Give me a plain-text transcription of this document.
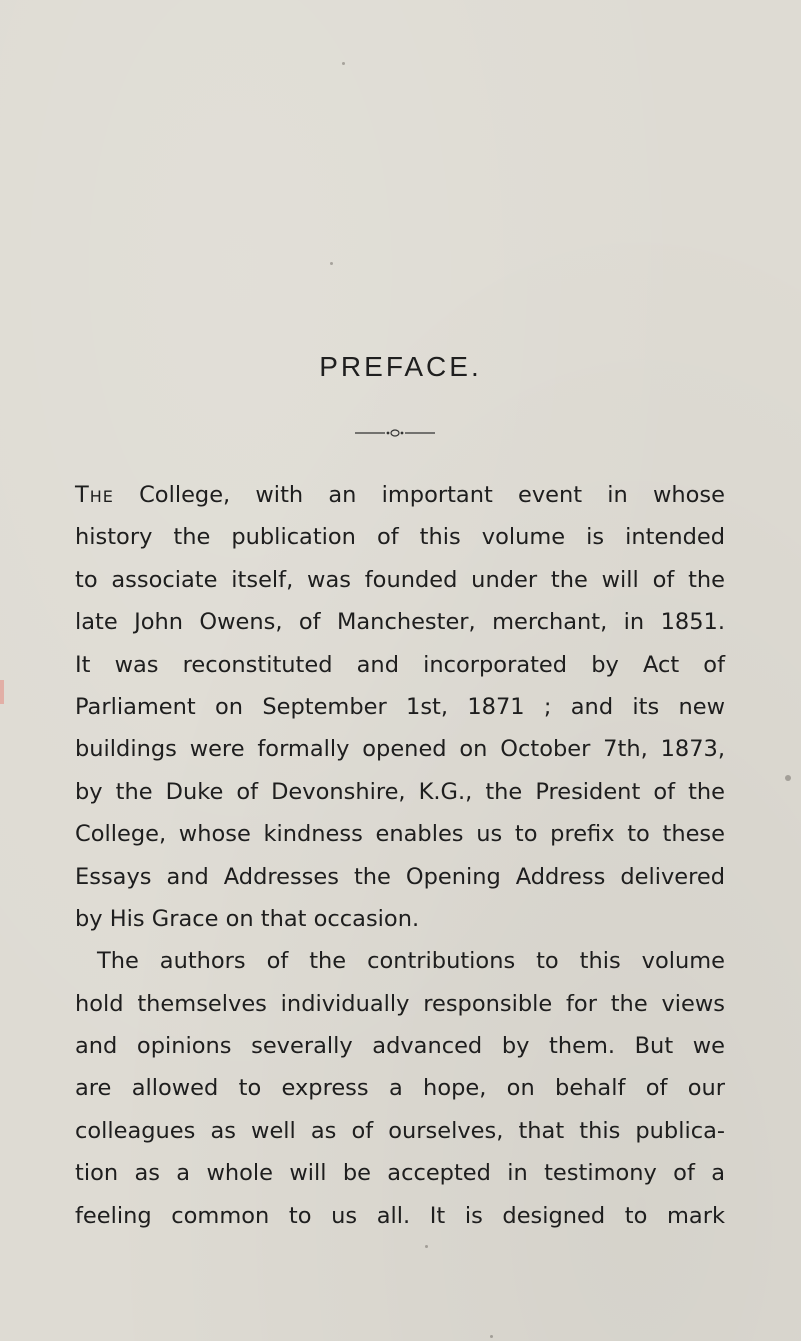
PREFACE.
The College, with an important event in whose
history the publication of this volume is intended
to associate itself, was founded under the will of the
late John Owens, of Manchester, merchant, in 1851.
It was reconstituted and incorporated by Act of
Parliament on September 1st, 1871 ; and its new
buildings were formally opened on October 7th, 1873,
by the Duke of Devonshire, K.G., the President of the
College, whose kindness enables us to prefix to these
Essays and Addresses the Opening Address delivered
by His Grace on that occasion.
The authors of the contributions to this volume
hold themselves individually responsible for the views
and opinions severally advanced by them. But we
are allowed to express a hope, on behalf of our
colleagues as well as of ourselves, that this publica-
tion as a whole will be accepted in testimony of a
feeling common to us all. It is designed to mark
